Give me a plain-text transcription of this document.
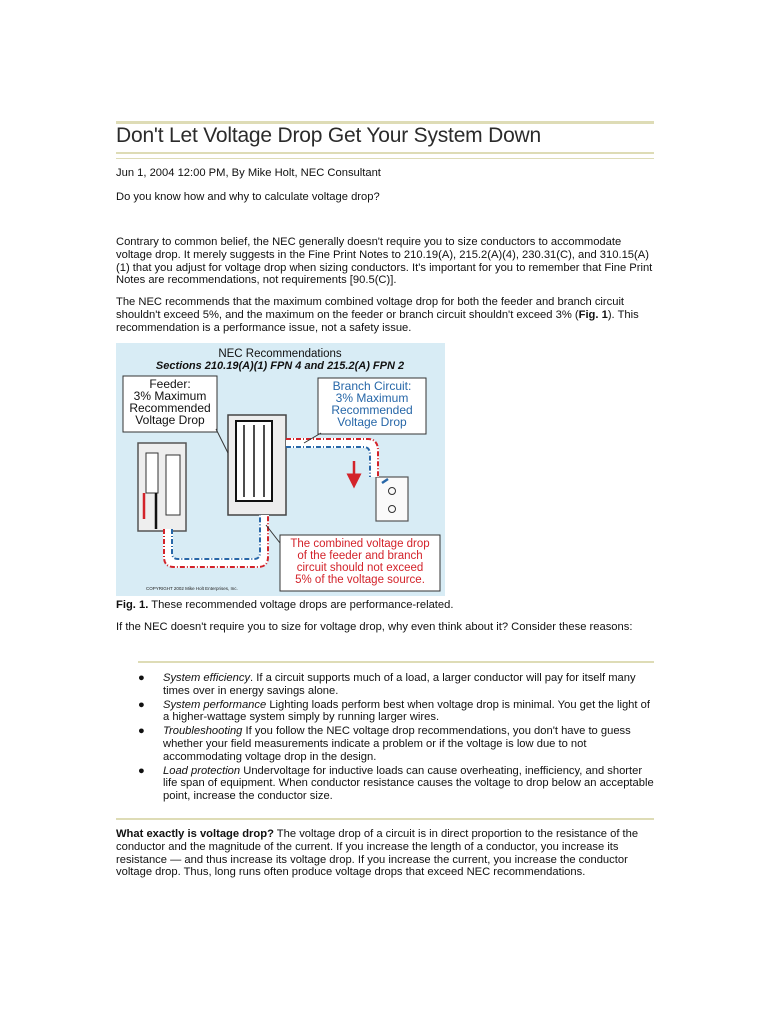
Don't Let Voltage Drop Get Your System Down
Jun 1, 2004 12:00 PM, By Mike Holt, NEC Consultant
Do you know how and why to calculate voltage drop?
Contrary to common belief, the NEC generally doesn't require you to size conductors to accommodate voltage drop. It merely suggests in the Fine Print Notes to 210.19(A), 215.2(A)(4), 230.31(C), and 310.15(A)(1) that you adjust for voltage drop when sizing conductors. It's important for you to remember that Fine Print Notes are recommendations, not requirements [90.5(C)].
The NEC recommends that the maximum combined voltage drop for both the feeder and branch circuit shouldn't exceed 5%, and the maximum on the feeder or branch circuit shouldn't exceed 3% (Fig. 1). This recommendation is a performance issue, not a safety issue.
NEC Recommendations
Sections 210.19(A)(1) FPN 4 and 215.2(A) FPN 2
Feeder:
3% Maximum
Recommended
Voltage Drop
Branch Circuit:
3% Maximum
Recommended
Voltage Drop
The combined voltage drop
of the feeder and branch
circuit should not exceed
5% of the voltage source.
COPYRIGHT 2002 Mike Holt Enterprises, Inc.
Fig. 1. These recommended voltage drops are performance-related.
If the NEC doesn't require you to size for voltage drop, why even think about it? Consider these reasons:
● System efficiency. If a circuit supports much of a load, a larger conductor will pay for itself many times over in energy savings alone.
● System performance Lighting loads perform best when voltage drop is minimal. You get the light of a higher-wattage system simply by running larger wires.
● Troubleshooting If you follow the NEC voltage drop recommendations, you don't have to guess whether your field measurements indicate a problem or if the voltage is low due to not accommodating voltage drop in the design.
● Load protection Undervoltage for inductive loads can cause overheating, inefficiency, and shorter life span of equipment. When conductor resistance causes the voltage to drop below an acceptable point, increase the conductor size.
What exactly is voltage drop? The voltage drop of a circuit is in direct proportion to the resistance of the conductor and the magnitude of the current. If you increase the length of a conductor, you increase its resistance — and thus increase its voltage drop. If you increase the current, you increase the conductor voltage drop. Thus, long runs often produce voltage drops that exceed NEC recommendations.
